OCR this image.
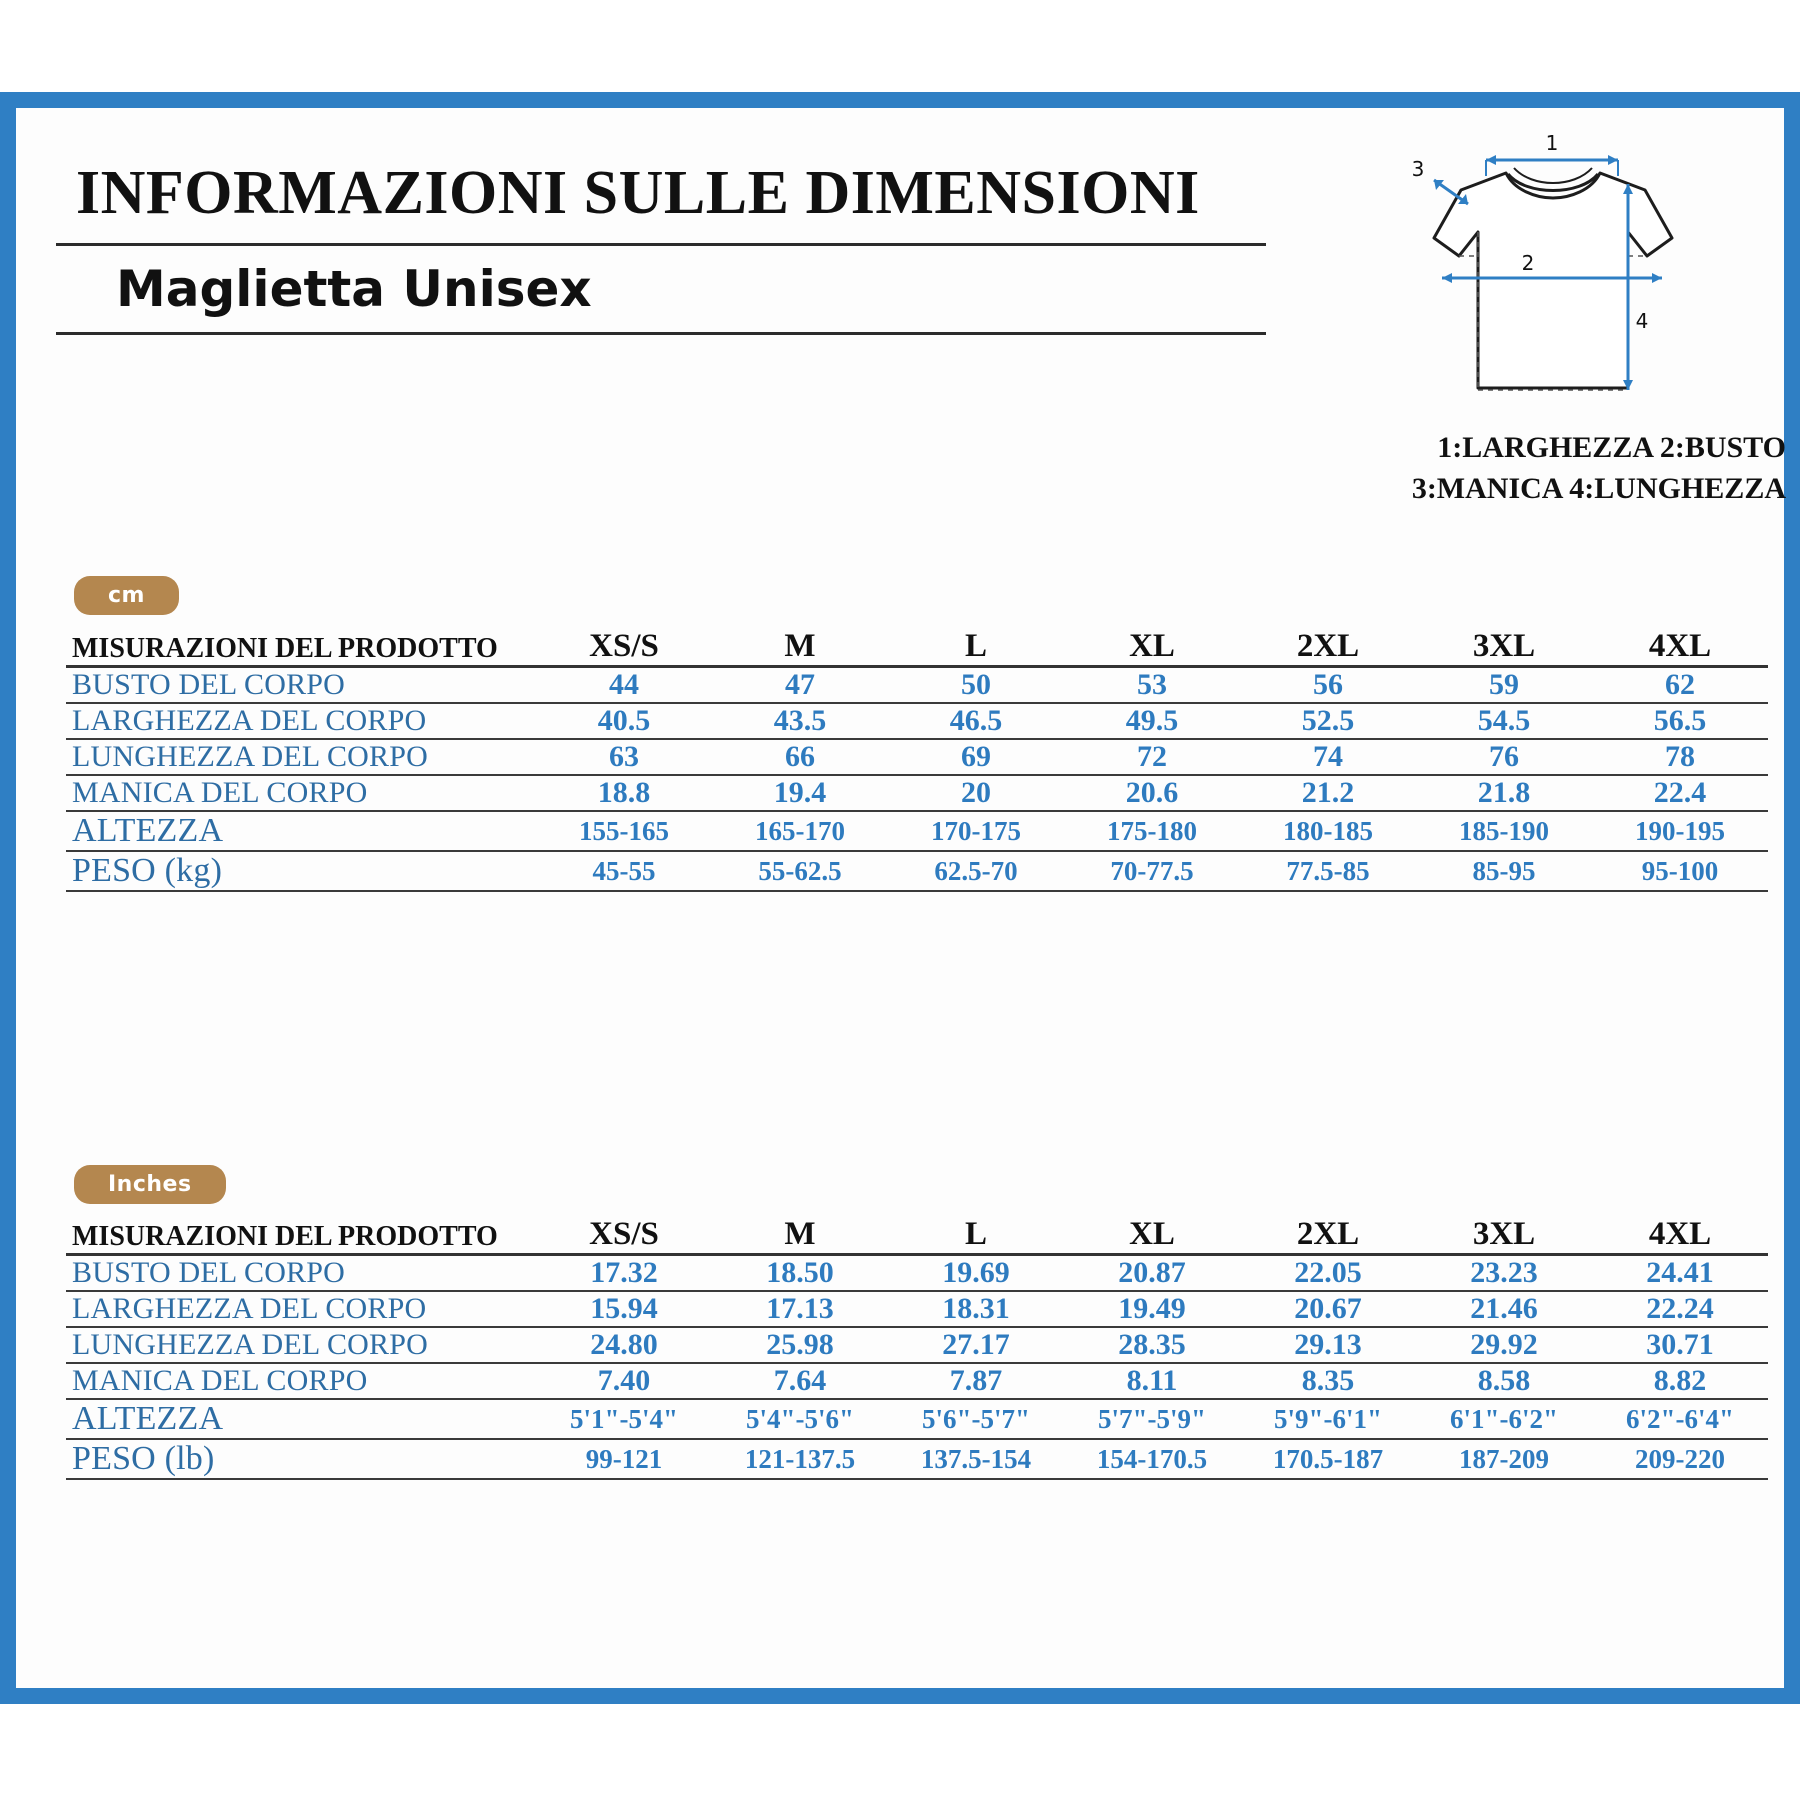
INFORMAZIONI SULLE DIMENSIONI
Maglietta Unisex
1
3
2
4
1:LARGHEZZA 2:BUSTO
3:MANICA 4:LUNGHEZZA
cm
MISURAZIONI DEL PRODOTTO	XS/S	M	L	XL	2XL	3XL	4XL
BUSTO DEL CORPO	44	47	50	53	56	59	62
LARGHEZZA DEL CORPO	40.5	43.5	46.5	49.5	52.5	54.5	56.5
LUNGHEZZA DEL CORPO	63	66	69	72	74	76	78
MANICA DEL CORPO	18.8	19.4	20	20.6	21.2	21.8	22.4
ALTEZZA	155-165	165-170	170-175	175-180	180-185	185-190	190-195
PESO (kg)	45-55	55-62.5	62.5-70	70-77.5	77.5-85	85-95	95-100
Inches
MISURAZIONI DEL PRODOTTO	XS/S	M	L	XL	2XL	3XL	4XL
BUSTO DEL CORPO	17.32	18.50	19.69	20.87	22.05	23.23	24.41
LARGHEZZA DEL CORPO	15.94	17.13	18.31	19.49	20.67	21.46	22.24
LUNGHEZZA DEL CORPO	24.80	25.98	27.17	28.35	29.13	29.92	30.71
MANICA DEL CORPO	7.40	7.64	7.87	8.11	8.35	8.58	8.82
ALTEZZA	5'1"-5'4"	5'4"-5'6"	5'6"-5'7"	5'7"-5'9"	5'9"-6'1"	6'1"-6'2"	6'2"-6'4"
PESO (lb)	99-121	121-137.5	137.5-154	154-170.5	170.5-187	187-209	209-220
